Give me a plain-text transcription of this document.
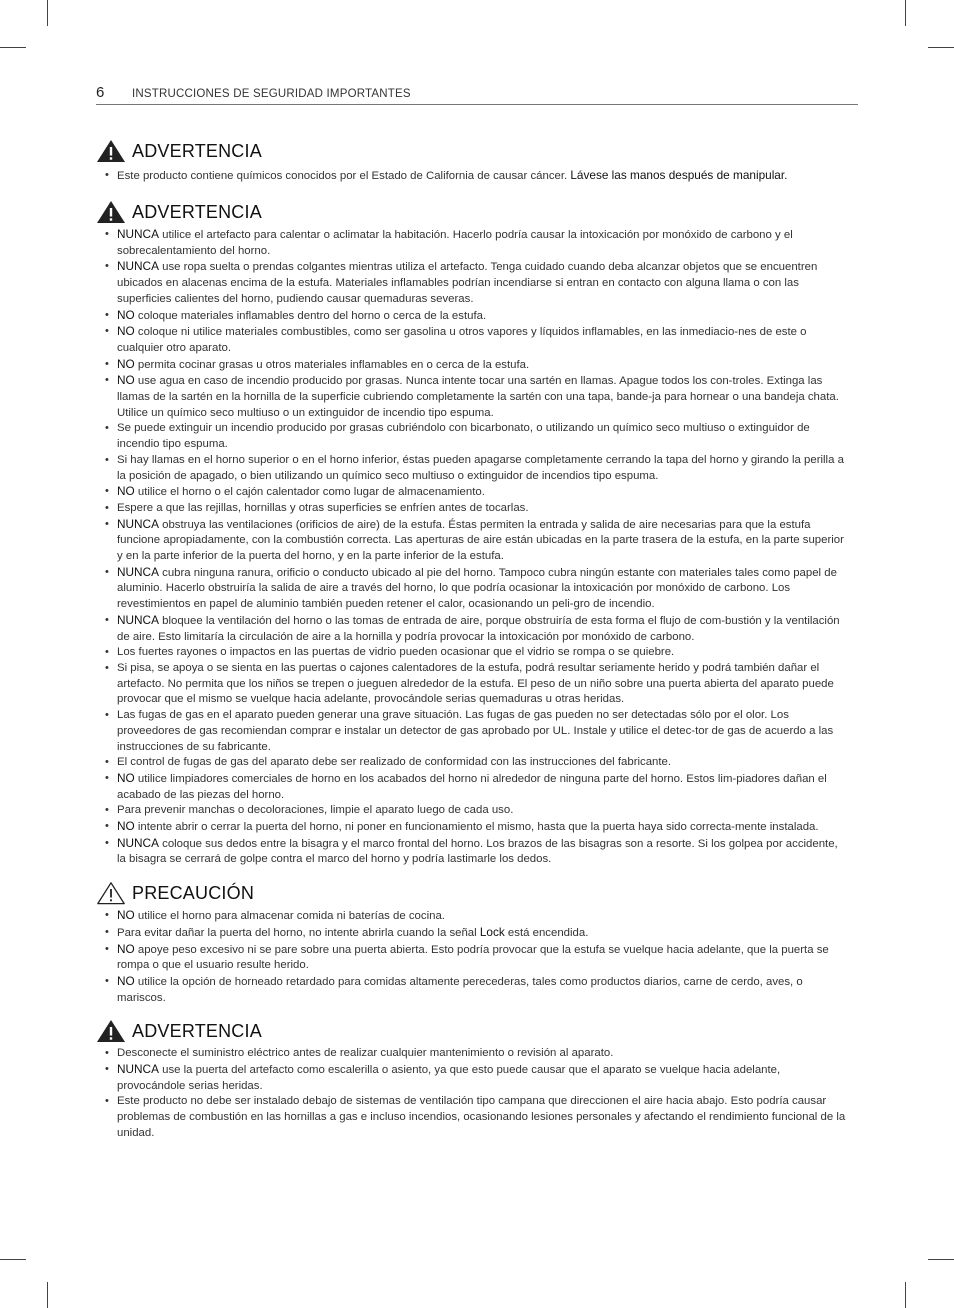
6 INSTRUCCIONES DE SEGURIDAD IMPORTANTES
ADVERTENCIA
• Este producto contiene químicos conocidos por el Estado de California de causar cáncer. Lávese las manos después de manipular.
ADVERTENCIA
• NUNCA utilice el artefacto para calentar o aclimatar la habitación. Hacerlo podría causar la intoxicación por monóxido de carbono y el sobrecalentamiento del horno.
• NUNCA use ropa suelta o prendas colgantes mientras utiliza el artefacto. Tenga cuidado cuando deba alcanzar objetos que se encuentren ubicados en alacenas encima de la estufa. Materiales inflamables podrían incendiarse si entran en contacto con alguna llama o con las superficies calientes del horno, pudiendo causar quemaduras severas.
• NO coloque materiales inflamables dentro del horno o cerca de la estufa.
• NO coloque ni utilice materiales combustibles, como ser gasolina u otros vapores y líquidos inflamables, en las inmediacio-nes de este o cualquier otro aparato.
• NO permita cocinar grasas u otros materiales inflamables en o cerca de la estufa.
• NO use agua en caso de incendio producido por grasas. Nunca intente tocar una sartén en llamas. Apague todos los con-troles. Extinga las llamas de la sartén en la hornilla de la superficie cubriendo completamente la sartén con una tapa, bande-ja para hornear o una bandeja chata. Utilice un químico seco multiuso o un extinguidor de incendio tipo espuma.
• Se puede extinguir un incendio producido por grasas cubriéndolo con bicarbonato, o utilizando un químico seco multiuso o extinguidor de incendio tipo espuma.
• Si hay llamas en el horno superior o en el horno inferior, éstas pueden apagarse completamente cerrando la tapa del horno y girando la perilla a la posición de apagado, o bien utilizando un químico seco multiuso o extinguidor de incendios tipo espuma.
• NO utilice el horno o el cajón calentador como lugar de almacenamiento.
• Espere a que las rejillas, hornillas y otras superficies se enfríen antes de tocarlas.
• NUNCA obstruya las ventilaciones (orificios de aire) de la estufa. Éstas permiten la entrada y salida de aire necesarias para que la estufa funcione apropiadamente, con la combustión correcta. Las aperturas de aire están ubicadas en la parte trasera de la estufa, en la parte superior y en la parte inferior de la puerta del horno, y en la parte inferior de la estufa.
• NUNCA cubra ninguna ranura, orificio o conducto ubicado al pie del horno. Tampoco cubra ningún estante con materiales tales como papel de aluminio. Hacerlo obstruiría la salida de aire a través del horno, lo que podría ocasionar la intoxicación por monóxido de carbono. Los revestimientos en papel de aluminio también pueden retener el calor, ocasionando un peli-gro de incendio.
• NUNCA bloquee la ventilación del horno o las tomas de entrada de aire, porque obstruiría de esta forma el flujo de com-bustión y la ventilación de aire. Esto limitaría la circulación de aire a la hornilla y podría provocar la intoxicación por monóxido de carbono.
• Los fuertes rayones o impactos en las puertas de vidrio pueden ocasionar que el vidrio se rompa o se quiebre.
• Si pisa, se apoya o se sienta en las puertas o cajones calentadores de la estufa, podrá resultar seriamente herido y podrá también dañar el artefacto. No permita que los niños se trepen o jueguen alrededor de la estufa. El peso de un niño sobre una puerta abierta del aparato puede provocar que el mismo se vuelque hacia adelante, provocándole serias quemaduras u otras heridas.
• Las fugas de gas en el aparato pueden generar una grave situación. Las fugas de gas pueden no ser detectadas sólo por el olor. Los proveedores de gas recomiendan comprar e instalar un detector de gas aprobado por UL. Instale y utilice el detec-tor de gas de acuerdo a las instrucciones de su fabricante.
• El control de fugas de gas del aparato debe ser realizado de conformidad con las instrucciones del fabricante.
• NO utilice limpiadores comerciales de horno en los acabados del horno ni alrededor de ninguna parte del horno. Estos lim-piadores dañan el acabado de las piezas del horno.
• Para prevenir manchas o decoloraciones, limpie el aparato luego de cada uso.
• NO intente abrir o cerrar la puerta del horno, ni poner en funcionamiento el mismo, hasta que la puerta haya sido correcta-mente instalada.
• NUNCA coloque sus dedos entre la bisagra y el marco frontal del horno. Los brazos de las bisagras son a resorte. Si los golpea por accidente, la bisagra se cerrará de golpe contra el marco del horno y podría lastimarle los dedos.
PRECAUCIÓN
• NO utilice el horno para almacenar comida ni baterías de cocina.
• Para evitar dañar la puerta del horno, no intente abrirla cuando la señal Lock está encendida.
• NO apoye peso excesivo ni se pare sobre una puerta abierta. Esto podría provocar que la estufa se vuelque hacia adelante, que la puerta se rompa o que el usuario resulte herido.
• NO utilice la opción de horneado retardado para comidas altamente perecederas, tales como productos diarios, carne de cerdo, aves, o mariscos.
ADVERTENCIA
• Desconecte el suministro eléctrico antes de realizar cualquier mantenimiento o revisión al aparato.
• NUNCA use la puerta del artefacto como escalerilla o asiento, ya que esto puede causar que el aparato se vuelque hacia adelante, provocándole serias heridas.
• Este producto no debe ser instalado debajo de sistemas de ventilación tipo campana que direccionen el aire hacia abajo. Esto podría causar problemas de combustión en las hornillas a gas e incluso incendios, ocasionando lesiones personales y afectando el rendimiento funcional de la unidad.
